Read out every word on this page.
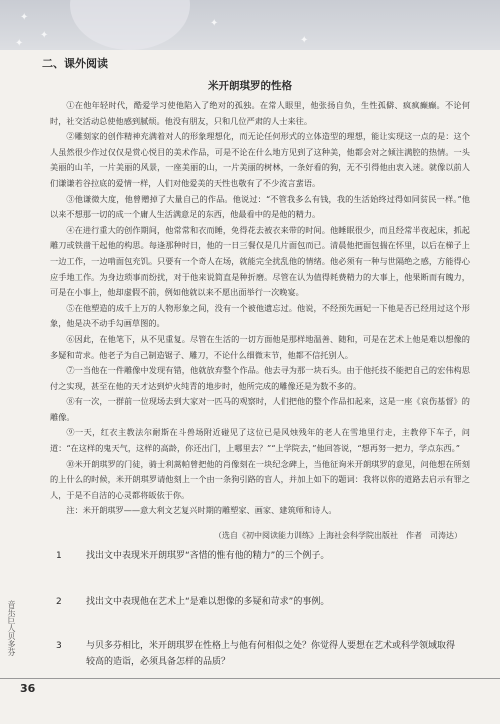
✦
✦
✦
✦
✦
二、课外阅读
米开朗琪罗的性格

①在他年轻时代，酷爱学习使他陷入了绝对的孤独。在常人眼里，他张扬自负，生性孤僻、疯疯癫癫。不论何时，社交活动总使他感到腻烦。他没有朋友，只和几位严肃的人士来往。

②雕刻家的创作精神充满着对人的形象理想化，而无论任何形式的立体造型的理想，能让实现这一点的是：这个人虽然很少作过仅仅是赏心悦目的美术作品，可是不论在什么地方见到了这种美，他都会对之倾注满腔的热情。一头美丽的山羊，一片美丽的风景，一座美丽的山，一片美丽的树林，一条好看的狗，无不引得他由衷入迷。就像以前人们谦谦若谷拉底的爱情一样，人们对他爱美的天性也敬有了不少流言蜚语。

③他谦微大度，他曾赠掉了大量自己的作品。他说过：“不管我多么有钱，我的生活始终过得如同贫民一样。”他以来不想那一切的成一个庸人生活满意足的东西，他最看中的是他的精力。

④在进行重大的创作期间，他常常和衣而睡，免得花去被衣来带的时间。他睡眠很少，而且经常半夜起床，抓起雕刀或铁凿干起他的构思。每逢那种时日，他的一日三餐仅是几片面包而已。清晨他把面包揣在怀里，以后在梯子上一边工作，一边啃面包充饥。只要有一个奇人在场，就能完全扰乱他的情绪。他必须有一种与世隔绝之感，方能得心应手地工作。为身边琐事而纷扰，对于他来说简直是种折磨。尽管在认为值得耗费精力的大事上，他果断而有魄力，可是在小事上，他却虚假不前，例如他就以来不愿出面举行一次晚宴。

⑤在他塑造的成千上万的人物形象之间，没有一个被他遗忘过。他说，不经预先画妃一下他是否已经用过这个形象，他是决不动手勾画草图的。

⑥因此，在他笔下，从不见重复。尽管在生活的一切方面他是那样地温善、随和，可是在艺术上他是难以想像的多疑和苛求。他老子为自己制造锯子、雕刀，不论什么细微末节，他都不信托别人。

⑦一当他在一件雕像中发现有错，他就放弃整个作品。他去寻为那一块石头。由于他托技不能把自己的宏伟构思付之实现，甚至在他的天才达到炉火纯青的地步时，他所完成的雕像还是为数不多的。

⑧有一次，一群前一位现场去到大家对一匹马的观察时，人们把他的整个作品扣起来，这是一座《哀伤基督》的雕像。

⑨一天，红衣主教法尔耐斯在斗兽场附近碰见了这位已是风烛残年的老人在雪地里行走，主教停下车子，问道：“在这样的鬼天气，这样的高龄，你还出门，上哪里去？”“上学院去，”他回答说，“想再努一把力，学点东西。”

⑩米开朗琪罗的门徒，骑士利蒿帕曾把他的肖像刻在一块纪念碑上，当他征询米开朗琪罗的意见，问他想在所刻的上什么的时候，米开朗琪罗请他刻上一个由一条狗引路的盲人，并加上如下的题词：我将以你的道路去启示有罪之人，于是不自洁的心灵都将皈依于你。

注：米开朗琪罗——意大利文艺复兴时期的雕塑家、画家、建筑师和诗人。

（选自《初中阅读能力训练》上海社会科学院出版社　作者　司涛达）
1	找出文中表现米开朗琪罗“吝惜的惟有他的精力”的三个例子。
2	找出文中表现他在艺术上“是难以想像的多疑和苛求”的事例。
3	与贝多芬相比，米开朗琪罗在性格上与他有何相似之处？你觉得人要想在艺术或科学领域取得较高的造诣，必须具备怎样的品质？
音乐巨人贝多芬
36
